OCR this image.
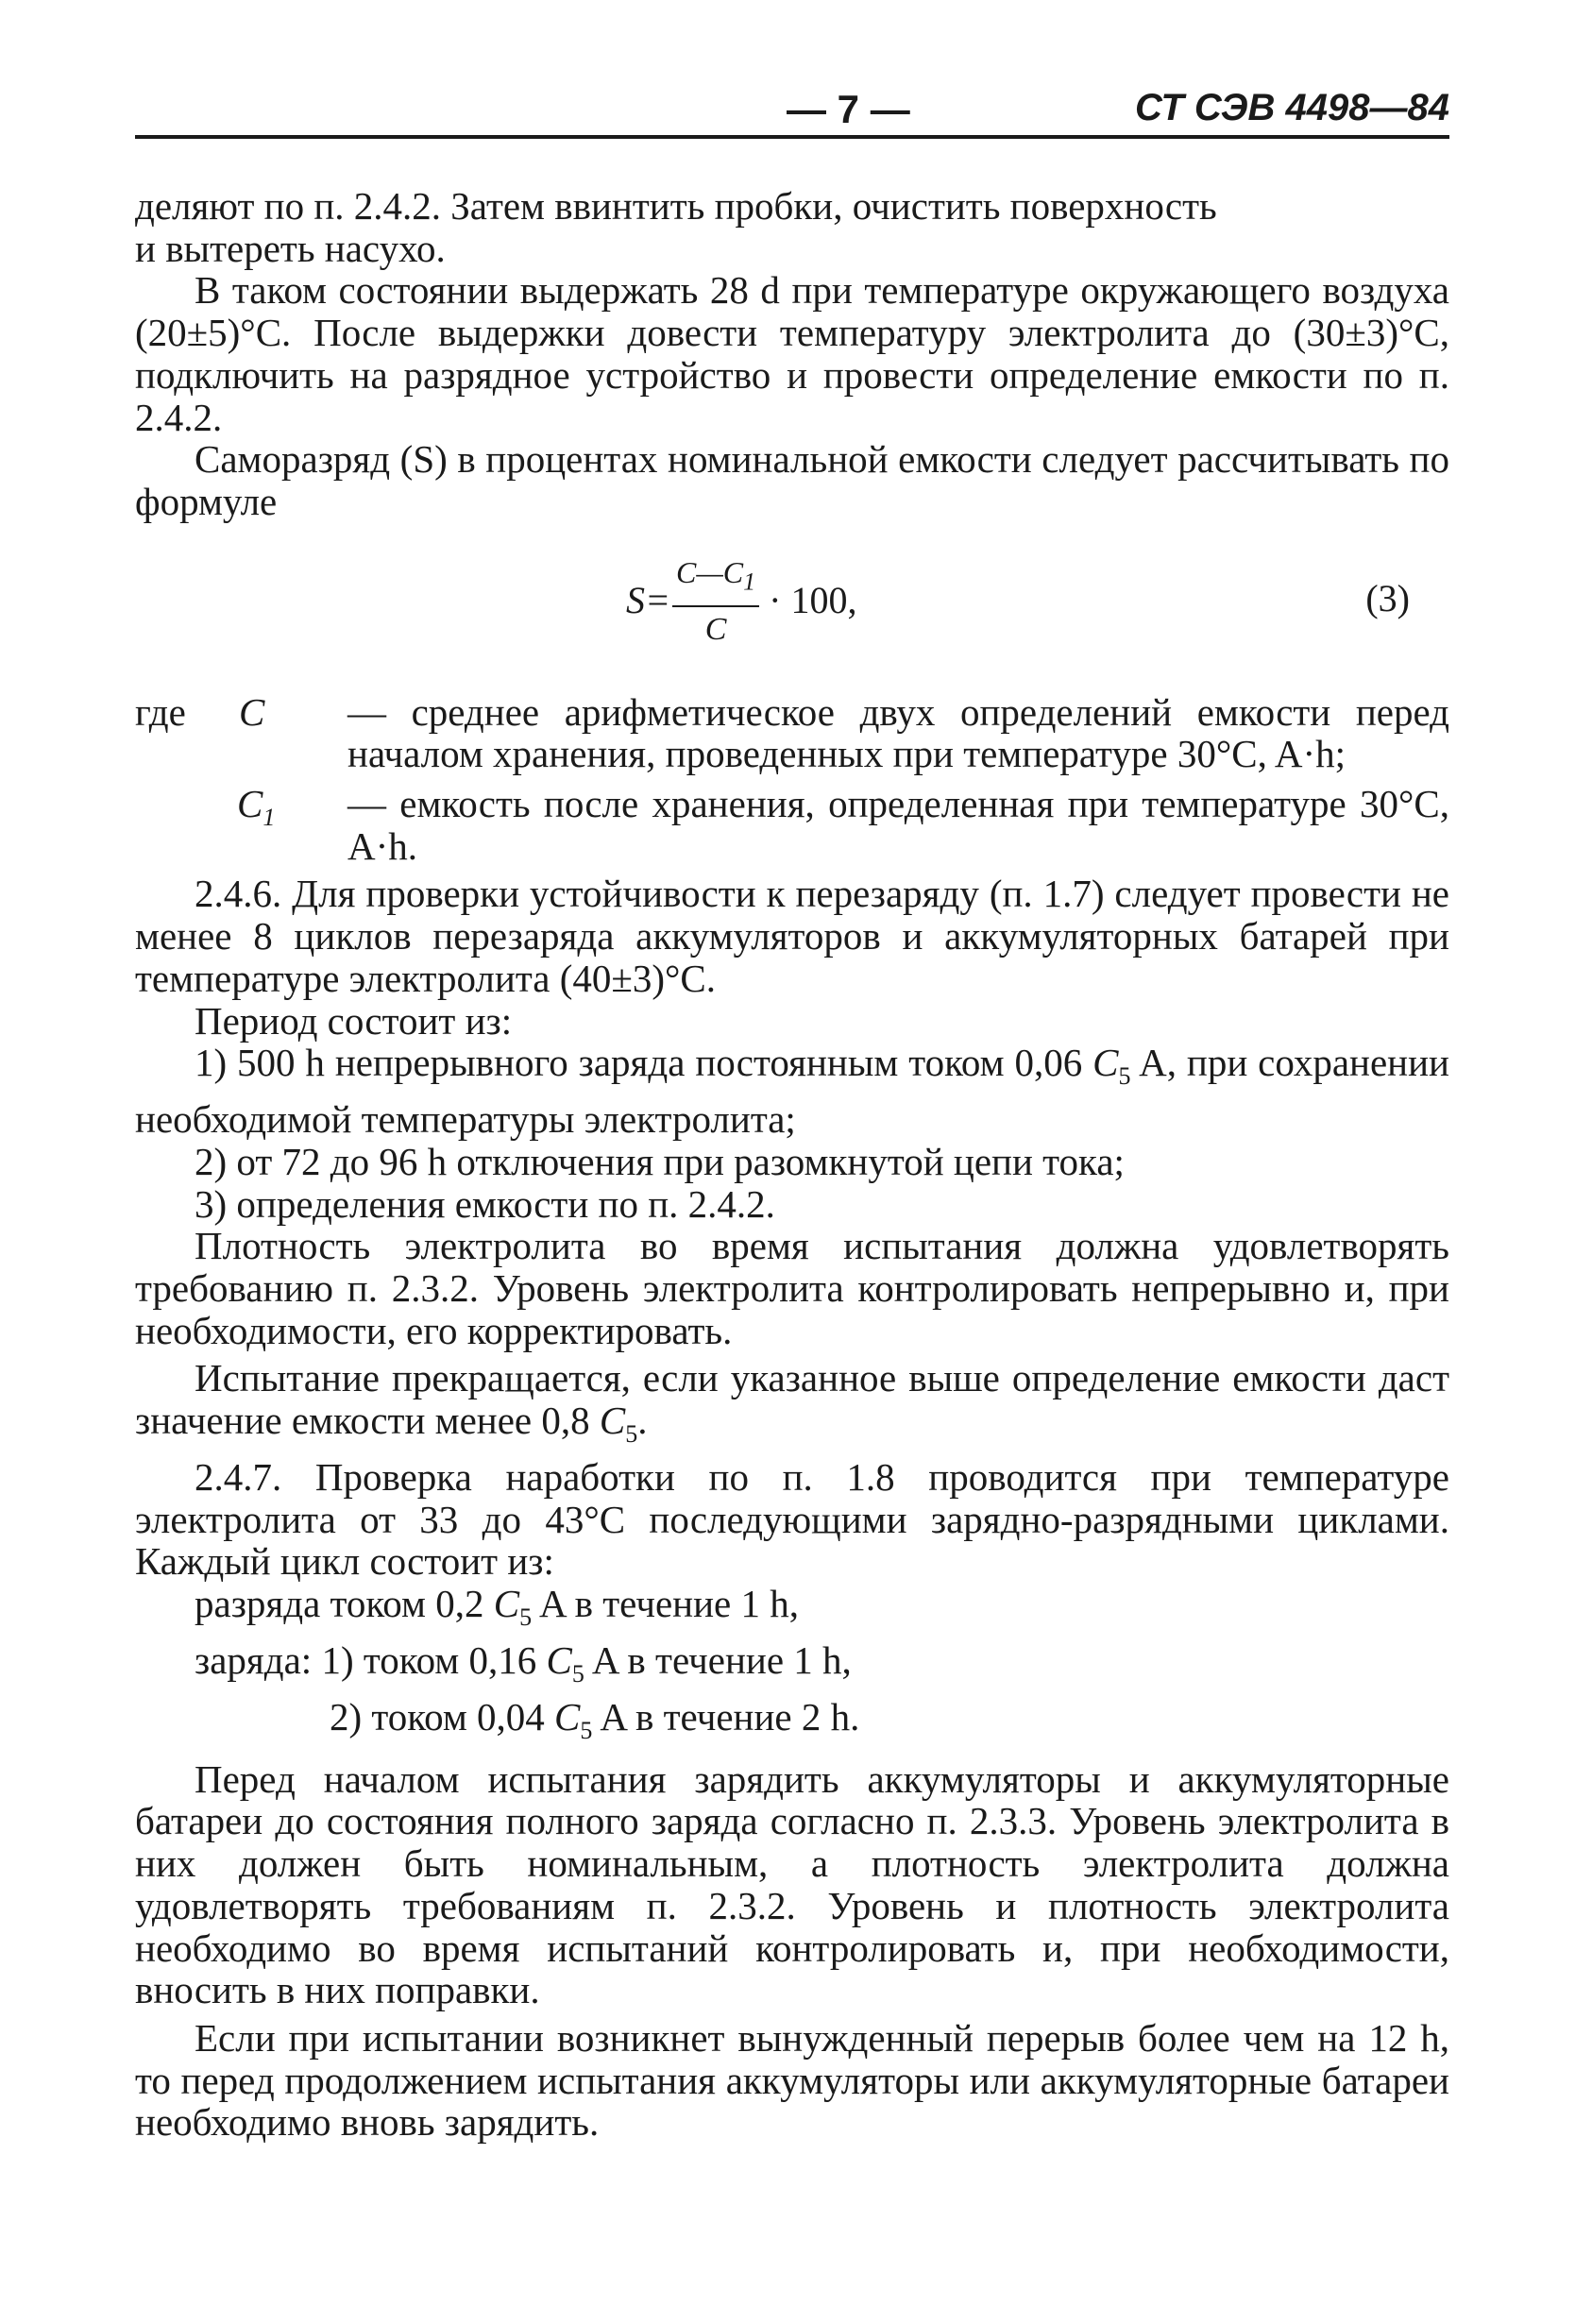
— 7 —	СТ СЭВ 4498—84

деляют по п. 2.4.2. Затем ввинтить пробки, очистить поверхность
и вытереть насухо.

В таком состоянии выдержать 28 d при температуре окружающего воздуха (20±5)°С. После выдержки довести температуру электролита до (30±3)°С, подключить на разрядное устройство и провести определение емкости по п. 2.4.2.

Саморазряд (S) в процентах номинальной емкости следует рассчитывать по формуле

$S= \frac{C—C_1}{C} \cdot 100$,	(3)
где C — среднее арифметическое двух определений емкости перед началом хранения, проведенных при температуре 30°C, A·h;
$C_1$ — емкость после хранения, определенная при температуре 30°C, A·h.

2.4.6. Для проверки устойчивости к перезаряду (п. 1.7) следует провести не менее 8 циклов перезаряда аккумуляторов и аккумуляторных батарей при температуре электролита (40±3)°С.

Период состоит из:

1) 500 h непрерывного заряда постоянным током 0,06 $C_5$ A, при сохранении необходимой температуры электролита;

2) от 72 до 96 h отключения при разомкнутой цепи тока;

3) определения емкости по п. 2.4.2.

Плотность электролита во время испытания должна удовлетворять требованию п. 2.3.2. Уровень электролита контролировать непрерывно и, при необходимости, его корректировать.

Испытание прекращается, если указанное выше определение емкости даст значение емкости менее 0,8 $C_5$.

2.4.7. Проверка наработки по п. 1.8 проводится при температуре электролита от 33 до 43°С последующими зарядно-разрядными циклами. Каждый цикл состоит из:

разряда током 0,2 $C_5$ A в течение 1 h,

заряда: 1) током 0,16 $C_5$ A в течение 1 h,

2) током 0,04 $C_5$ A в течение 2 h.

Перед началом испытания зарядить аккумуляторы и аккумуляторные батареи до состояния полного заряда согласно п. 2.3.3. Уровень электролита в них должен быть номинальным, а плотность электролита должна удовлетворять требованиям п. 2.3.2. Уровень и плотность электролита необходимо во время испытаний контролировать и, при необходимости, вносить в них поправки.

Если при испытании возникнет вынужденный перерыв более чем на 12 h, то перед продолжением испытания аккумуляторы или аккумуляторные батареи необходимо вновь зарядить.
